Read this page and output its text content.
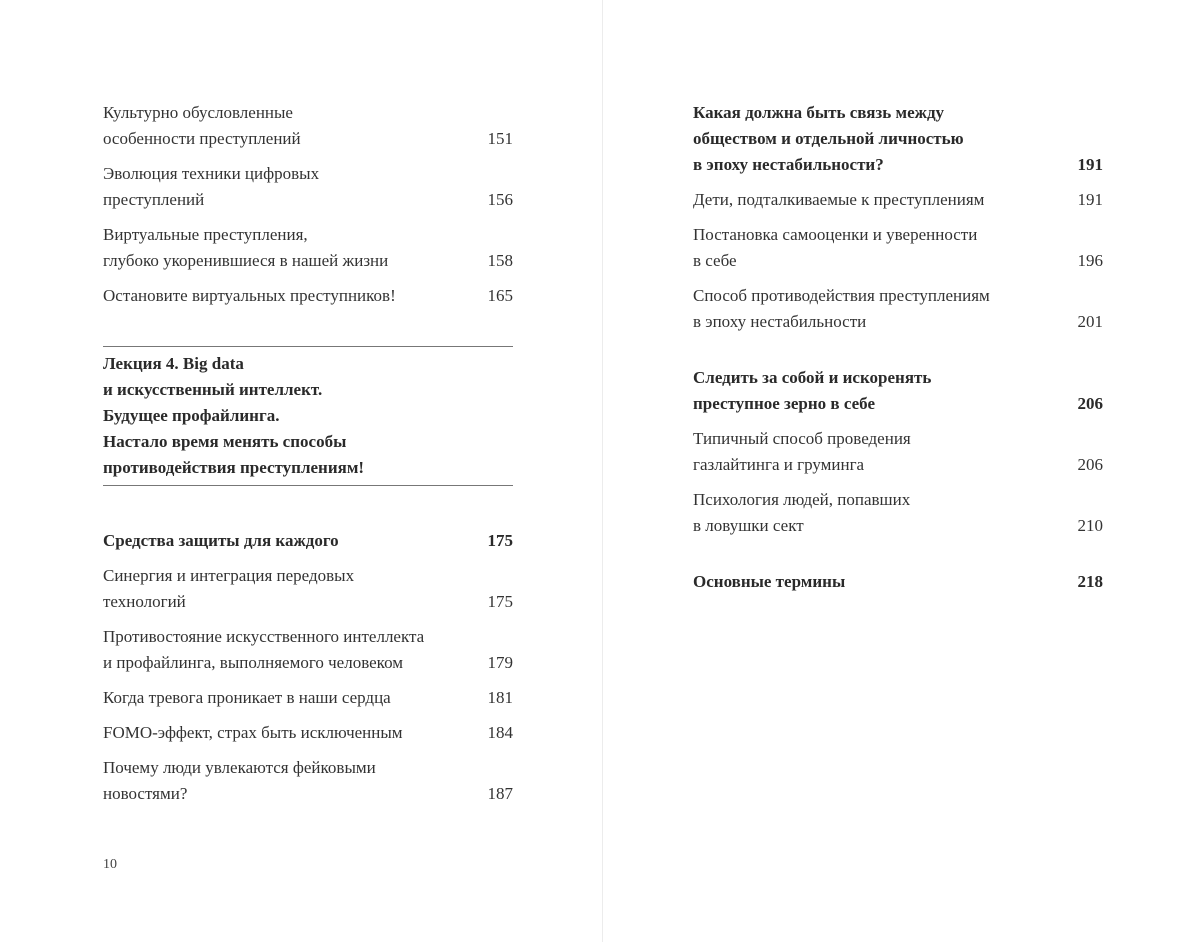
Культурно обусловленные
особенности преступлений	151
Эволюция техники цифровых
преступлений	156
Виртуальные преступления,
глубоко укоренившиеся в нашей жизни	158
Остановите виртуальных преступников!	165
Лекция 4. Big data
и искусственный интеллект.
Будущее профайлинга.
Настало время менять способы
противодействия преступлениям!
Средства защиты для каждого	175
Синергия и интеграция передовых
технологий	175
Противостояние искусственного интеллекта
и профайлинга, выполняемого человеком	179
Когда тревога проникает в наши сердца	181
FOMO-эффект, страх быть исключенным	184
Почему люди увлекаются фейковыми
новостями?	187
10
Какая должна быть связь между
обществом и отдельной личностью
в эпоху нестабильности?	191
Дети, подталкиваемые к преступлениям	191
Постановка самооценки и уверенности
в себе	196
Способ противодействия преступлениям
в эпоху нестабильности	201
Следить за собой и искоренять
преступное зерно в себе	206
Типичный способ проведения
газлайтинга и груминга	206
Психология людей, попавших
в ловушки сект	210
Основные термины	218
